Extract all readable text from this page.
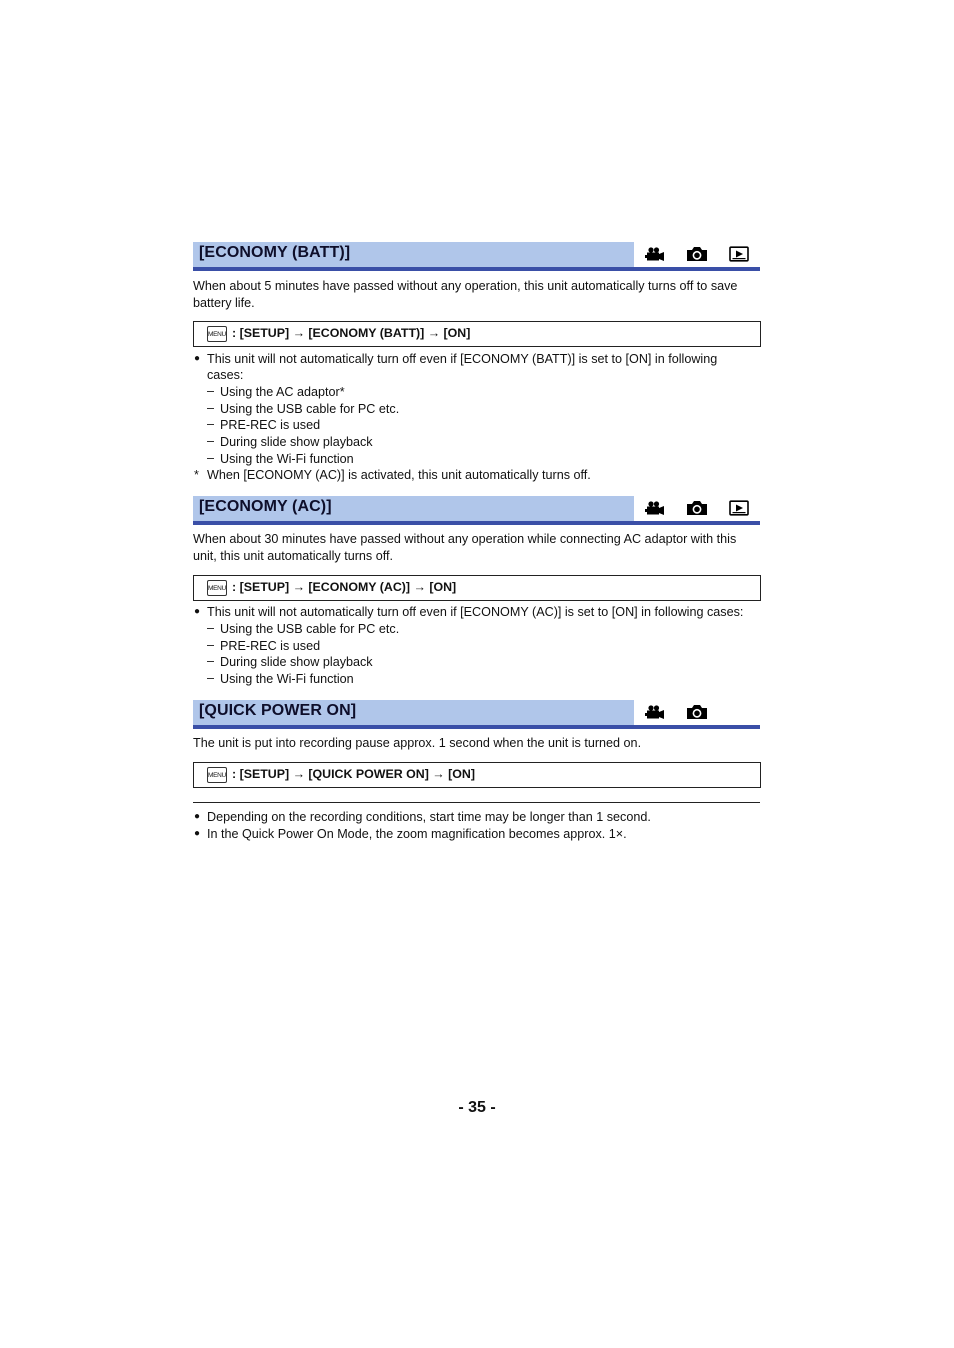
[ECONOMY (BATT)]
When about 5 minutes have passed without any operation, this unit automatically turns off to save
battery life.
MENU : [SETUP] → [ECONOMY (BATT)] → [ON]
● This unit will not automatically turn off even if [ECONOMY (BATT)] is set to [ON] in following
cases:
– Using the AC adaptor*
– Using the USB cable for PC etc.
– PRE-REC is used
– During slide show playback
– Using the Wi-Fi function
* When [ECONOMY (AC)] is activated, this unit automatically turns off.
[ECONOMY (AC)]
When about 30 minutes have passed without any operation while connecting AC adaptor with this
unit, this unit automatically turns off.
MENU : [SETUP] → [ECONOMY (AC)] → [ON]
● This unit will not automatically turn off even if [ECONOMY (AC)] is set to [ON] in following cases:
– Using the USB cable for PC etc.
– PRE-REC is used
– During slide show playback
– Using the Wi-Fi function
[QUICK POWER ON]
The unit is put into recording pause approx. 1 second when the unit is turned on.
MENU : [SETUP] → [QUICK POWER ON] → [ON]
● Depending on the recording conditions, start time may be longer than 1 second.
● In the Quick Power On Mode, the zoom magnification becomes approx. 1×.
- 35 -
